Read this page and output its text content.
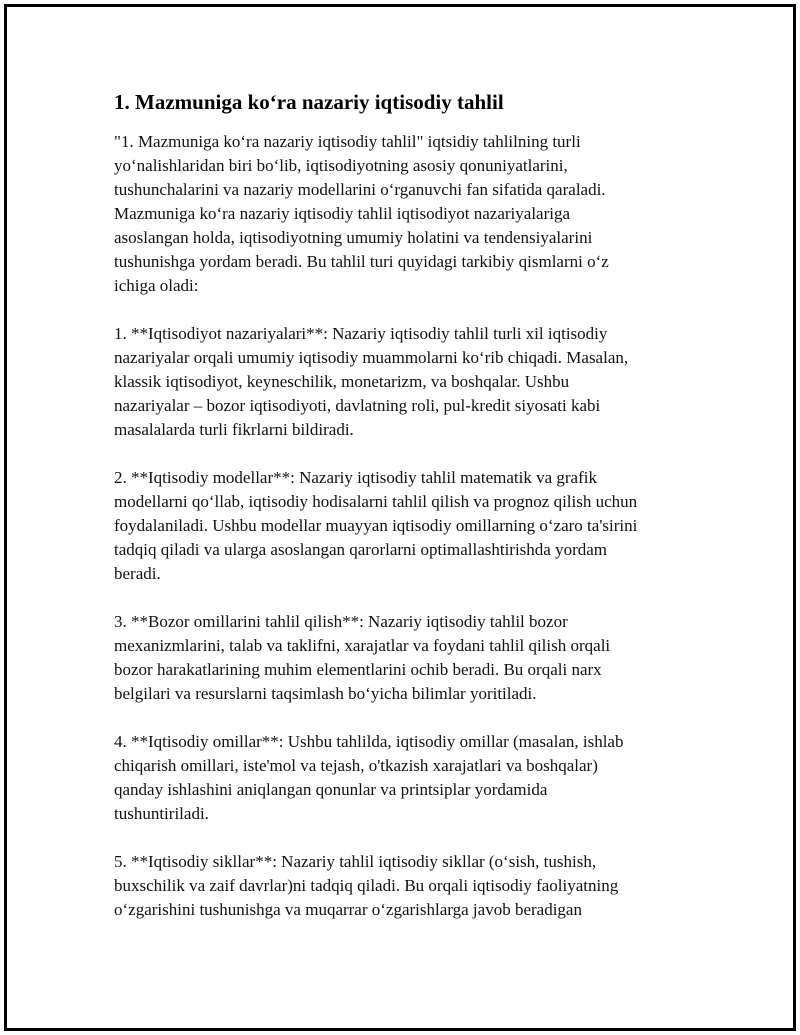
1. Mazmuniga ko‘ra nazariy iqtisodiy tahlil
"1. Mazmuniga ko‘ra nazariy iqtisodiy tahlil" iqtsidiy tahlilning turli
yo‘nalishlaridan biri bo‘lib, iqtisodiyotning asosiy qonuniyatlarini,
tushunchalarini va nazariy modellarini o‘rganuvchi fan sifatida qaraladi.
Mazmuniga ko‘ra nazariy iqtisodiy tahlil iqtisodiyot nazariyalariga
asoslangan holda, iqtisodiyotning umumiy holatini va tendensiyalarini
tushunishga yordam beradi. Bu tahlil turi quyidagi tarkibiy qismlarni o‘z
ichiga oladi:
1. **Iqtisodiyot nazariyalari**: Nazariy iqtisodiy tahlil turli xil iqtisodiy
nazariyalar orqali umumiy iqtisodiy muammolarni ko‘rib chiqadi. Masalan,
klassik iqtisodiyot, keyneschilik, monetarizm, va boshqalar. Ushbu
nazariyalar – bozor iqtisodiyoti, davlatning roli, pul-kredit siyosati kabi
masalalarda turli fikrlarni bildiradi.
2. **Iqtisodiy modellar**: Nazariy iqtisodiy tahlil matematik va grafik
modellarni qo‘llab, iqtisodiy hodisalarni tahlil qilish va prognoz qilish uchun
foydalaniladi. Ushbu modellar muayyan iqtisodiy omillarning o‘zaro ta'sirini
tadqiq qiladi va ularga asoslangan qarorlarni optimallashtirishda yordam
beradi.
3. **Bozor omillarini tahlil qilish**: Nazariy iqtisodiy tahlil bozor
mexanizmlarini, talab va taklifni, xarajatlar va foydani tahlil qilish orqali
bozor harakatlarining muhim elementlarini ochib beradi. Bu orqali narx
belgilari va resurslarni taqsimlash bo‘yicha bilimlar yoritiladi.
4. **Iqtisodiy omillar**: Ushbu tahlilda, iqtisodiy omillar (masalan, ishlab
chiqarish omillari, iste'mol va tejash, o'tkazish xarajatlari va boshqalar)
qanday ishlashini aniqlangan qonunlar va printsiplar yordamida
tushuntiriladi.
5. **Iqtisodiy sikllar**: Nazariy tahlil iqtisodiy sikllar (o‘sish, tushish,
buxschilik va zaif davrlar)ni tadqiq qiladi. Bu orqali iqtisodiy faoliyatning
o‘zgarishini tushunishga va muqarrar o‘zgarishlarga javob beradigan
